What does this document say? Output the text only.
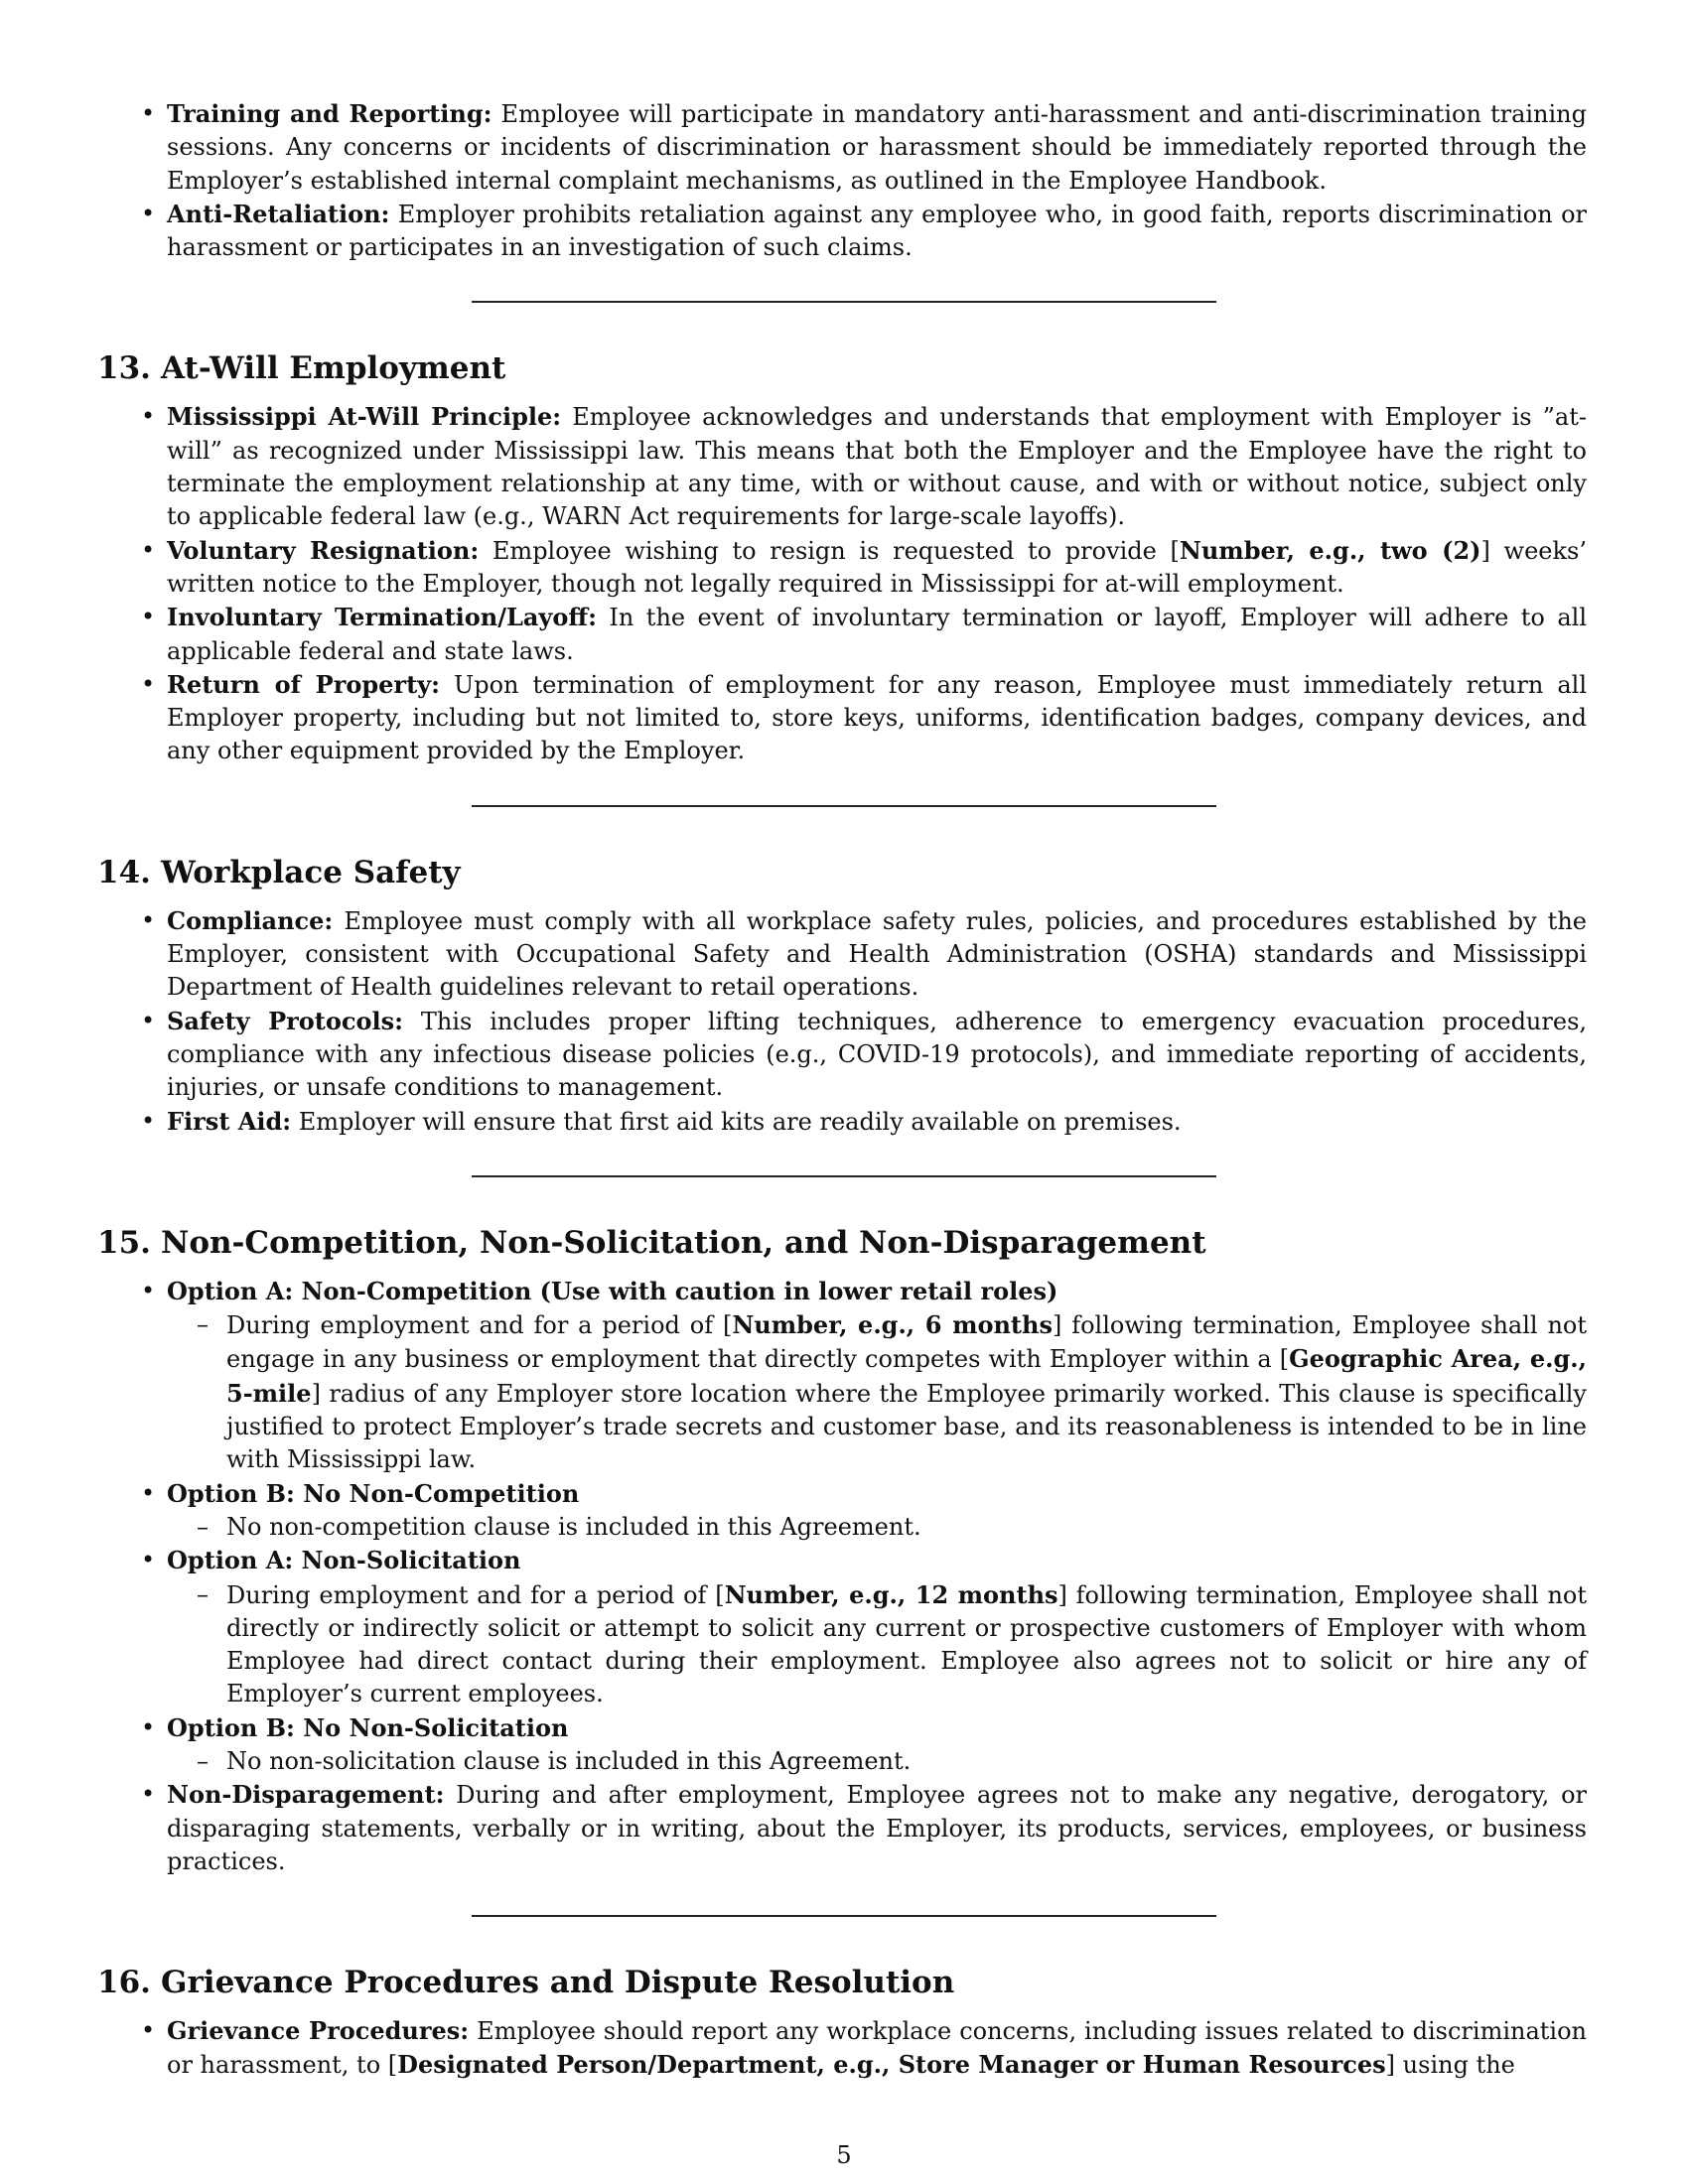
• Training and Reporting: Employee will participate in mandatory anti-harassment and anti-discrimination training sessions. Any concerns or incidents of discrimination or harassment should be immediately reported through the Employer’s established internal complaint mechanisms, as outlined in the Employee Handbook.
• Anti-Retaliation: Employer prohibits retaliation against any employee who, in good faith, reports discrimination or harassment or participates in an investigation of such claims.
13. At-Will Employment
• Mississippi At-Will Principle: Employee acknowledges and understands that employment with Employer is ”at-will” as recognized under Mississippi law. This means that both the Employer and the Employee have the right to terminate the employment relationship at any time, with or without cause, and with or without notice, subject only to applicable federal law (e.g., WARN Act requirements for large-scale layoffs).
• Voluntary Resignation: Employee wishing to resign is requested to provide [Number, e.g., two (2)] weeks’ written notice to the Employer, though not legally required in Mississippi for at-will employment.
• Involuntary Termination/Layoff: In the event of involuntary termination or layoff, Employer will adhere to all applicable federal and state laws.
• Return of Property: Upon termination of employment for any reason, Employee must immediately return all Employer property, including but not limited to, store keys, uniforms, identification badges, company devices, and any other equipment provided by the Employer.
14. Workplace Safety
• Compliance: Employee must comply with all workplace safety rules, policies, and procedures established by the Employer, consistent with Occupational Safety and Health Administration (OSHA) standards and Mississippi Department of Health guidelines relevant to retail operations.
• Safety Protocols: This includes proper lifting techniques, adherence to emergency evacuation procedures, compliance with any infectious disease policies (e.g., COVID-19 protocols), and immediate reporting of accidents, injuries, or unsafe conditions to management.
• First Aid: Employer will ensure that first aid kits are readily available on premises.
15. Non-Competition, Non-Solicitation, and Non-Disparagement
• Option A: Non-Competition (Use with caution in lower retail roles)
– During employment and for a period of [Number, e.g., 6 months] following termination, Employee shall not engage in any business or employment that directly competes with Employer within a [Geographic Area, e.g., 5-mile] radius of any Employer store location where the Employee primarily worked. This clause is specifically justified to protect Employer’s trade secrets and customer base, and its reasonableness is intended to be in line with Mississippi law.
• Option B: No Non-Competition
– No non-competition clause is included in this Agreement.
• Option A: Non-Solicitation
– During employment and for a period of [Number, e.g., 12 months] following termination, Employee shall not directly or indirectly solicit or attempt to solicit any current or prospective customers of Employer with whom Employee had direct contact during their employment. Employee also agrees not to solicit or hire any of Employer’s current employees.
• Option B: No Non-Solicitation
– No non-solicitation clause is included in this Agreement.
• Non-Disparagement: During and after employment, Employee agrees not to make any negative, derogatory, or disparaging statements, verbally or in writing, about the Employer, its products, services, employees, or business practices.
16. Grievance Procedures and Dispute Resolution
• Grievance Procedures: Employee should report any workplace concerns, including issues related to discrimination or harassment, to [Designated Person/Department, e.g., Store Manager or Human Resources] using the
5
